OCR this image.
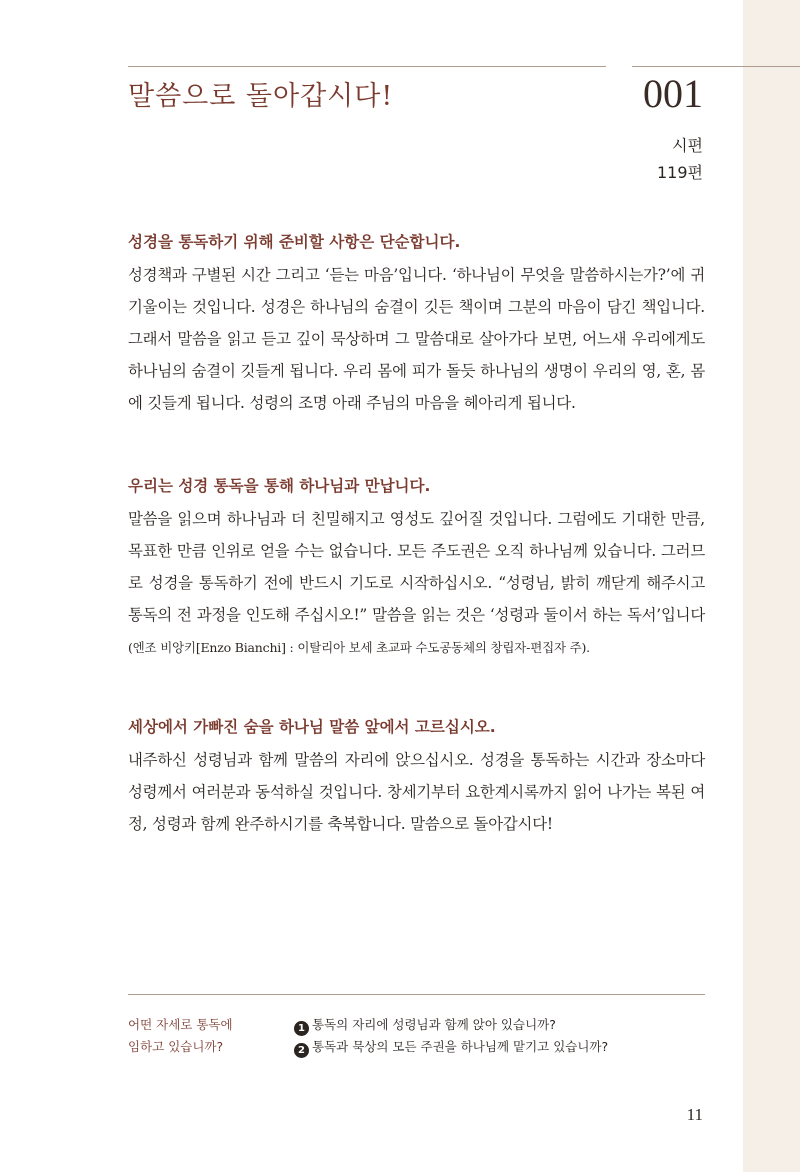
말씀으로 돌아갑시다!	001
시편
119편

성경을 통독하기 위해 준비할 사항은 단순합니다.

성경책과 구별된 시간 그리고 ‘듣는 마음’입니다. ‘하나님이 무엇을 말씀하시는가?’에 귀 기울이는 것입니다. 성경은 하나님의 숨결이 깃든 책이며 그분의 마음이 담긴 책입니다. 그래서 말씀을 읽고 듣고 깊이 묵상하며 그 말씀대로 살아가다 보면, 어느새 우리에게도 하나님의 숨결이 깃들게 됩니다. 우리 몸에 피가 돌듯 하나님의 생명이 우리의 영, 혼, 몸에 깃들게 됩니다. 성령의 조명 아래 주님의 마음을 헤아리게 됩니다.

우리는 성경 통독을 통해 하나님과 만납니다.

말씀을 읽으며 하나님과 더 친밀해지고 영성도 깊어질 것입니다. 그럼에도 기대한 만큼, 목표한 만큼 인위로 얻을 수는 없습니다. 모든 주도권은 오직 하나님께 있습니다. 그러므로 성경을 통독하기 전에 반드시 기도로 시작하십시오. “성령님, 밝히 깨닫게 해주시고 통독의 전 과정을 인도해 주십시오!” 말씀을 읽는 것은 ‘성령과 둘이서 하는 독서’입니다(엔조 비앙키[Enzo Bianchi] : 이탈리아 보세 초교파 수도공동체의 창립자-편집자 주).

세상에서 가빠진 숨을 하나님 말씀 앞에서 고르십시오.

내주하신 성령님과 함께 말씀의 자리에 앉으십시오. 성경을 통독하는 시간과 장소마다 성령께서 여러분과 동석하실 것입니다. 창세기부터 요한계시록까지 읽어 나가는 복된 여정, 성령과 함께 완주하시기를 축복합니다. 말씀으로 돌아갑시다!

어떤 자세로 통독에
임하고 있습니까?
1 통독의 자리에 성령님과 함께 앉아 있습니까?
2 통독과 묵상의 모든 주권을 하나님께 맡기고 있습니까?
11
